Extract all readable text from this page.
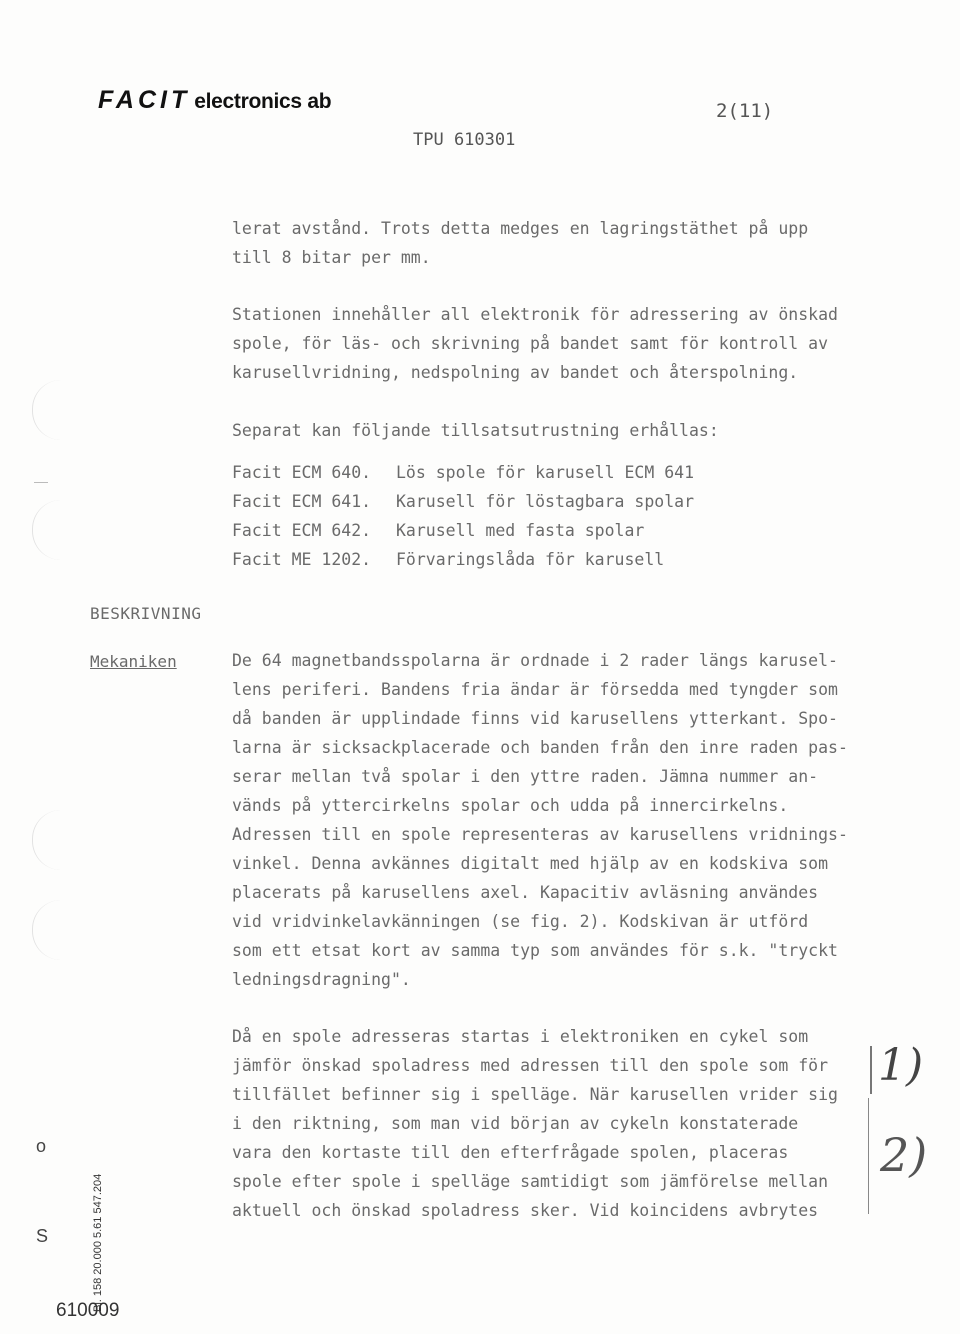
FACIT electronics ab	2(11)
TPU 610301
lerat avstånd. Trots detta medges en lagringstäthet på upp
till 8 bitar per mm.
Stationen innehåller all elektronik för adressering av önskad
spole, för läs- och skrivning på bandet samt för kontroll av
karusellvridning, nedspolning av bandet och återspolning.
Separat kan följande tillsatsutrustning erhållas:
Facit ECM 640. Lös spole för karusell ECM 641
Facit ECM 641. Karusell för löstagbara spolar
Facit ECM 642. Karusell med fasta spolar
Facit ME 1202. Förvaringslåda för karusell
BESKRIVNING
Mekaniken	De 64 magnetbandsspolarna är ordnade i 2 rader längs karusel-
lens periferi. Bandens fria ändar är försedda med tyngder som
då banden är upplindade finns vid karusellens ytterkant. Spo-
larna är sicksackplacerade och banden från den inre raden pas-
serar mellan två spolar i den yttre raden. Jämna nummer an-
vänds på yttercirkelns spolar och udda på innercirkelns.
Adressen till en spole representeras av karusellens vridnings-
vinkel. Denna avkännes digitalt med hjälp av en kodskiva som
placerats på karusellens axel. Kapacitiv avläsning användes
vid vridvinkelavkänningen (se fig. 2). Kodskivan är utförd
som ett etsat kort av samma typ som användes för s.k. "tryckt
ledningsdragning".
Då en spole adresseras startas i elektroniken en cykel som
jämför önskad spoladress med adressen till den spole som för
tillfället befinner sig i spelläge. När karusellen vrider sig
i den riktning, som man vid början av cykeln konstaterade
vara den kortaste till den efterfrågade spolen, placeras
spole efter spole i spelläge samtidigt som jämförelse mellan
aktuell och önskad spoladress sker. Vid koincidens avbrytes
1)
2)
o
S	Bl. 158 20.000 5.61 547.204
610009
